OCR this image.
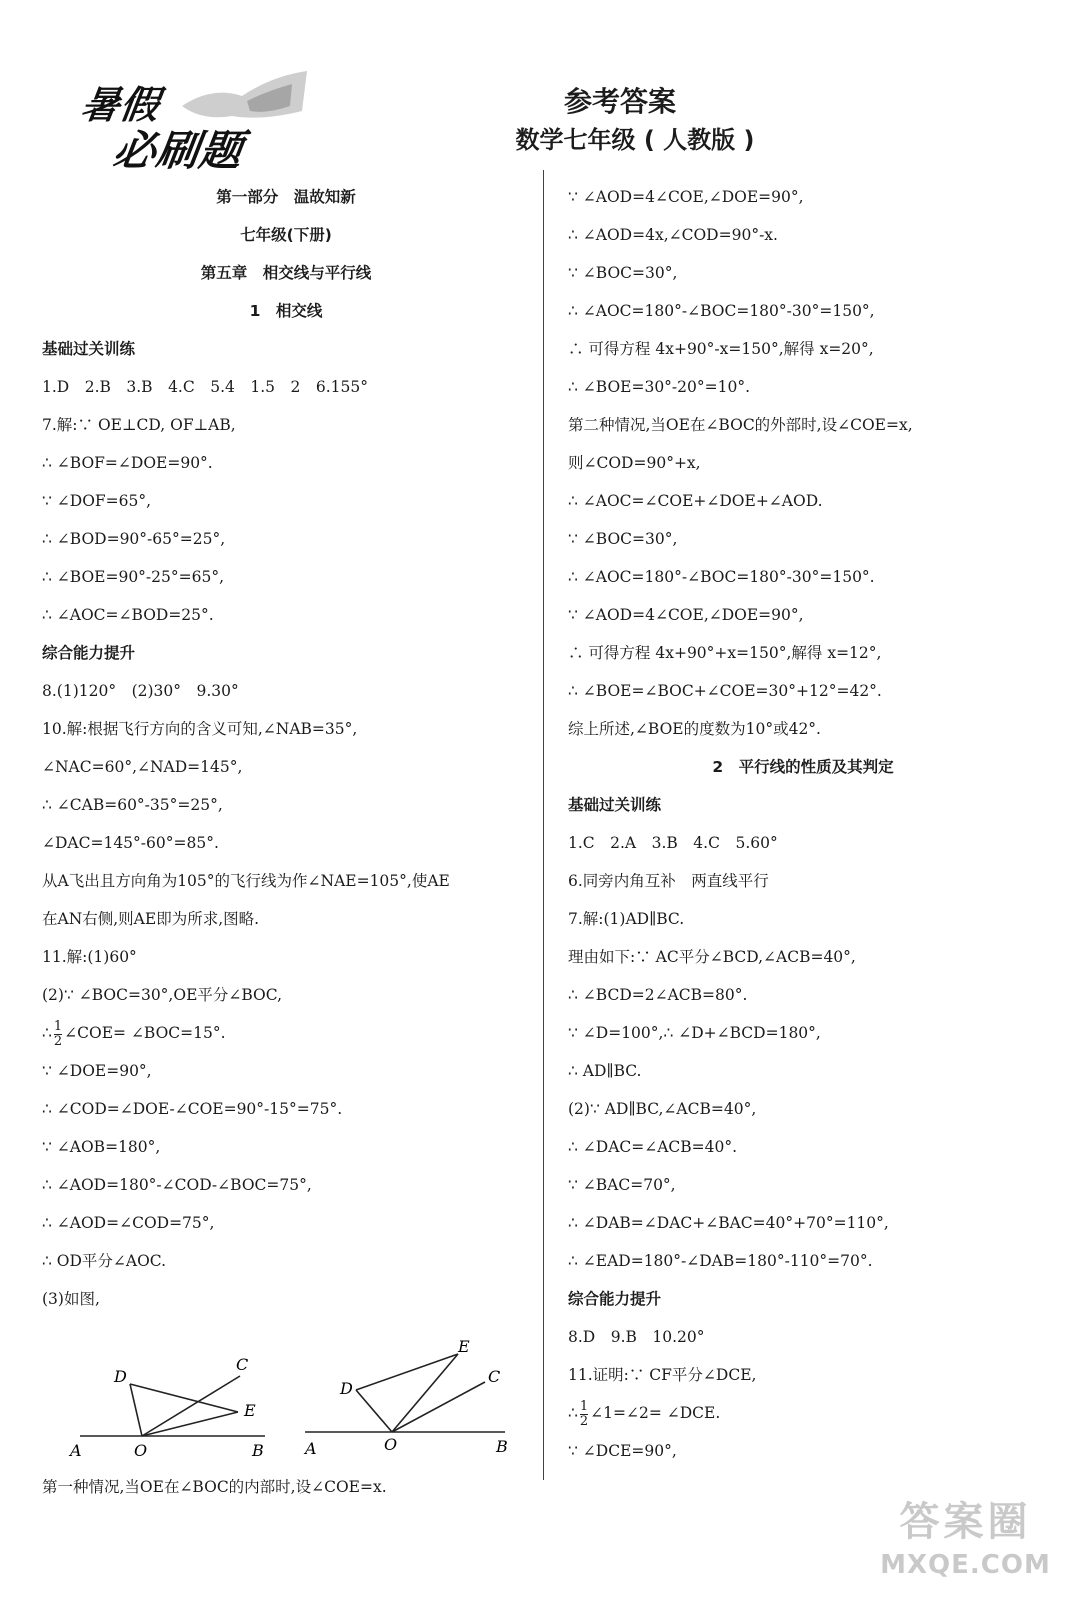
暑假
必刷题
参考答案
数学七年级 ( 人教版 )
第一部分　温故知新
七年级(下册)
第五章　相交线与平行线
1　相交线
基础过关训练
1.D　2.B　3.B　4.C　5.4　1.5　2　6.155°
7.解:∵ OE⊥CD, OF⊥AB,
∴ ∠BOF=∠DOE=90°.
∵ ∠DOF=65°,
∴ ∠BOD=90°-65°=25°,
∴ ∠BOE=90°-25°=65°,
∴ ∠AOC=∠BOD=25°.
综合能力提升
8.(1)120°　(2)30°　9.30°
10.解:根据飞行方向的含义可知,∠NAB=35°,
∠NAC=60°,∠NAD=145°,
∴ ∠CAB=60°-35°=25°,
∠DAC=145°-60°=85°.
从A飞出且方向角为105°的飞行线为作∠NAE=105°,使AE
在AN右侧,则AE即为所求,图略.
11.解:(1)60°
(2)∵ ∠BOC=30°,OE平分∠BOC,
∴ $\frac{1}{2}$ ∠COE= ∠BOC=15°.
∵ ∠DOE=90°,
∴ ∠COD=∠DOE-∠COE=90°-15°=75°.
∵ ∠AOB=180°,
∴ ∠AOD=180°-∠COD-∠BOC=75°,
∴ ∠AOD=∠COD=75°,
∴ OD平分∠AOC.
(3)如图,
∵ ∠AOD=4∠COE,∠DOE=90°,
∴ ∠AOD=4x,∠COD=90°-x.
∵ ∠BOC=30°,
∴ ∠AOC=180°-∠BOC=180°-30°=150°,
∴ 可得方程 4x+90°-x=150°,解得 x=20°,
∴ ∠BOE=30°-20°=10°.
第二种情况,当OE在∠BOC的外部时,设∠COE=x,
则∠COD=90°+x,
∴ ∠AOC=∠COE+∠DOE+∠AOD.
∵ ∠BOC=30°,
∴ ∠AOC=180°-∠BOC=180°-30°=150°.
∵ ∠AOD=4∠COE,∠DOE=90°,
∴ 可得方程 4x+90°+x=150°,解得 x=12°,
∴ ∠BOE=∠BOC+∠COE=30°+12°=42°.
综上所述,∠BOE的度数为10°或42°.
2　平行线的性质及其判定
基础过关训练
1.C　2.A　3.B　4.C　5.60°
6.同旁内角互补　两直线平行
7.解:(1)AD∥BC.
理由如下:∵ AC平分∠BCD,∠ACB=40°,
∴ ∠BCD=2∠ACB=80°.
∵ ∠D=100°,∴ ∠D+∠BCD=180°,
∴ AD∥BC.
(2)∵ AD∥BC,∠ACB=40°,
∴ ∠DAC=∠ACB=40°.
∵ ∠BAC=70°,
∴ ∠DAB=∠DAC+∠BAC=40°+70°=110°,
∴ ∠EAD=180°-∠DAB=180°-110°=70°.
综合能力提升
8.D　9.B　10.20°
11.证明:∵ CF平分∠DCE,
∴ $\frac{1}{2}$ ∠1=∠2= ∠DCE.
∵ ∠DCE=90°,
A	O	B
C
D
E
A	O	B
C
D
E
第一种情况,当OE在∠BOC的内部时,设∠COE=x.
答案圈
MXQE.COM
